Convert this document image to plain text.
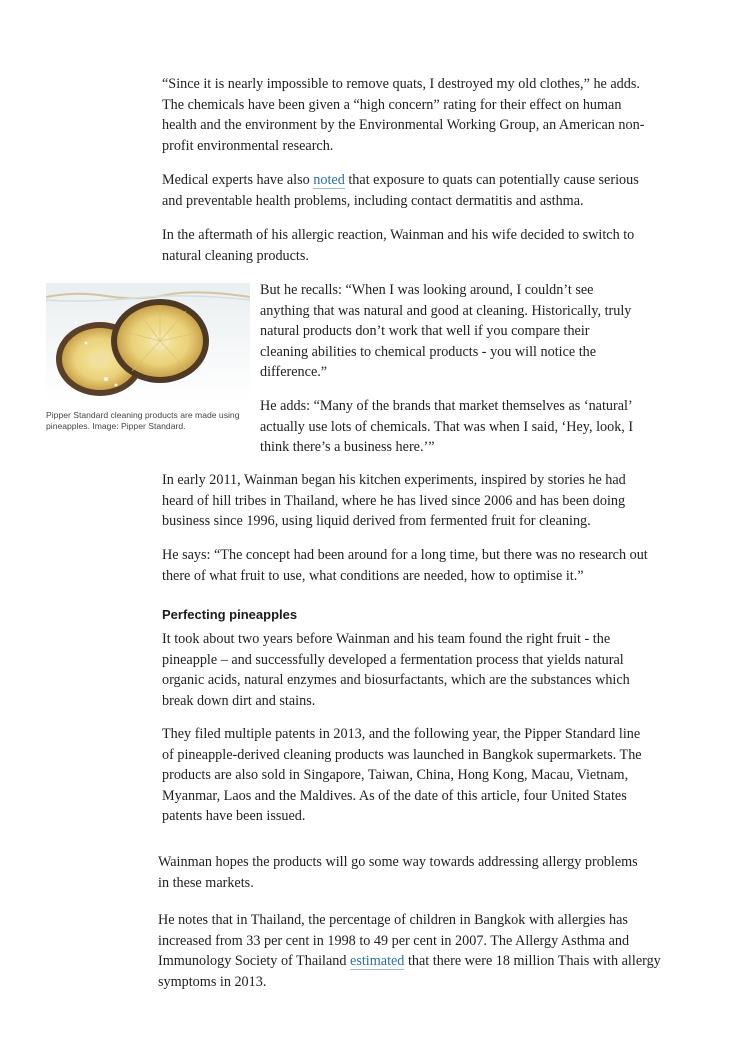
“Since it is nearly impossible to remove quats, I destroyed my old clothes,” he adds. The chemicals have been given a “high concern” rating for their effect on human health and the environment by the Environmental Working Group, an American non-profit environmental research.

Medical experts have also noted that exposure to quats can potentially cause serious and preventable health problems, including contact dermatitis and asthma.

In the aftermath of his allergic reaction, Wainman and his wife decided to switch to natural cleaning products.

Pipper Standard cleaning products are made using pineapples. Image: Pipper Standard.

But he recalls: “When I was looking around, I couldn’t see anything that was natural and good at cleaning. Historically, truly natural products don’t work that well if you compare their cleaning abilities to chemical products - you will notice the difference.”

He adds: “Many of the brands that market themselves as ‘natural’ actually use lots of chemicals. That was when I said, ‘Hey, look, I think there’s a business here.’”

In early 2011, Wainman began his kitchen experiments, inspired by stories he had heard of hill tribes in Thailand, where he has lived since 2006 and has been doing business since 1996, using liquid derived from fermented fruit for cleaning.

He says: “The concept had been around for a long time, but there was no research out there of what fruit to use, what conditions are needed, how to optimise it.”

Perfecting pineapples

It took about two years before Wainman and his team found the right fruit - the pineapple – and successfully developed a fermentation process that yields natural organic acids, natural enzymes and biosurfactants, which are the substances which break down dirt and stains.

They filed multiple patents in 2013, and the following year, the Pipper Standard line of pineapple-derived cleaning products was launched in Bangkok supermarkets. The products are also sold in Singapore, Taiwan, China, Hong Kong, Macau, Vietnam, Myanmar, Laos and the Maldives. As of the date of this article, four United States patents have been issued.

Wainman hopes the products will go some way towards addressing allergy problems in these markets.

He notes that in Thailand, the percentage of children in Bangkok with allergies has increased from 33 per cent in 1998 to 49 per cent in 2007. The Allergy Asthma and Immunology Society of Thailand estimated that there were 18 million Thais with allergy symptoms in 2013.
